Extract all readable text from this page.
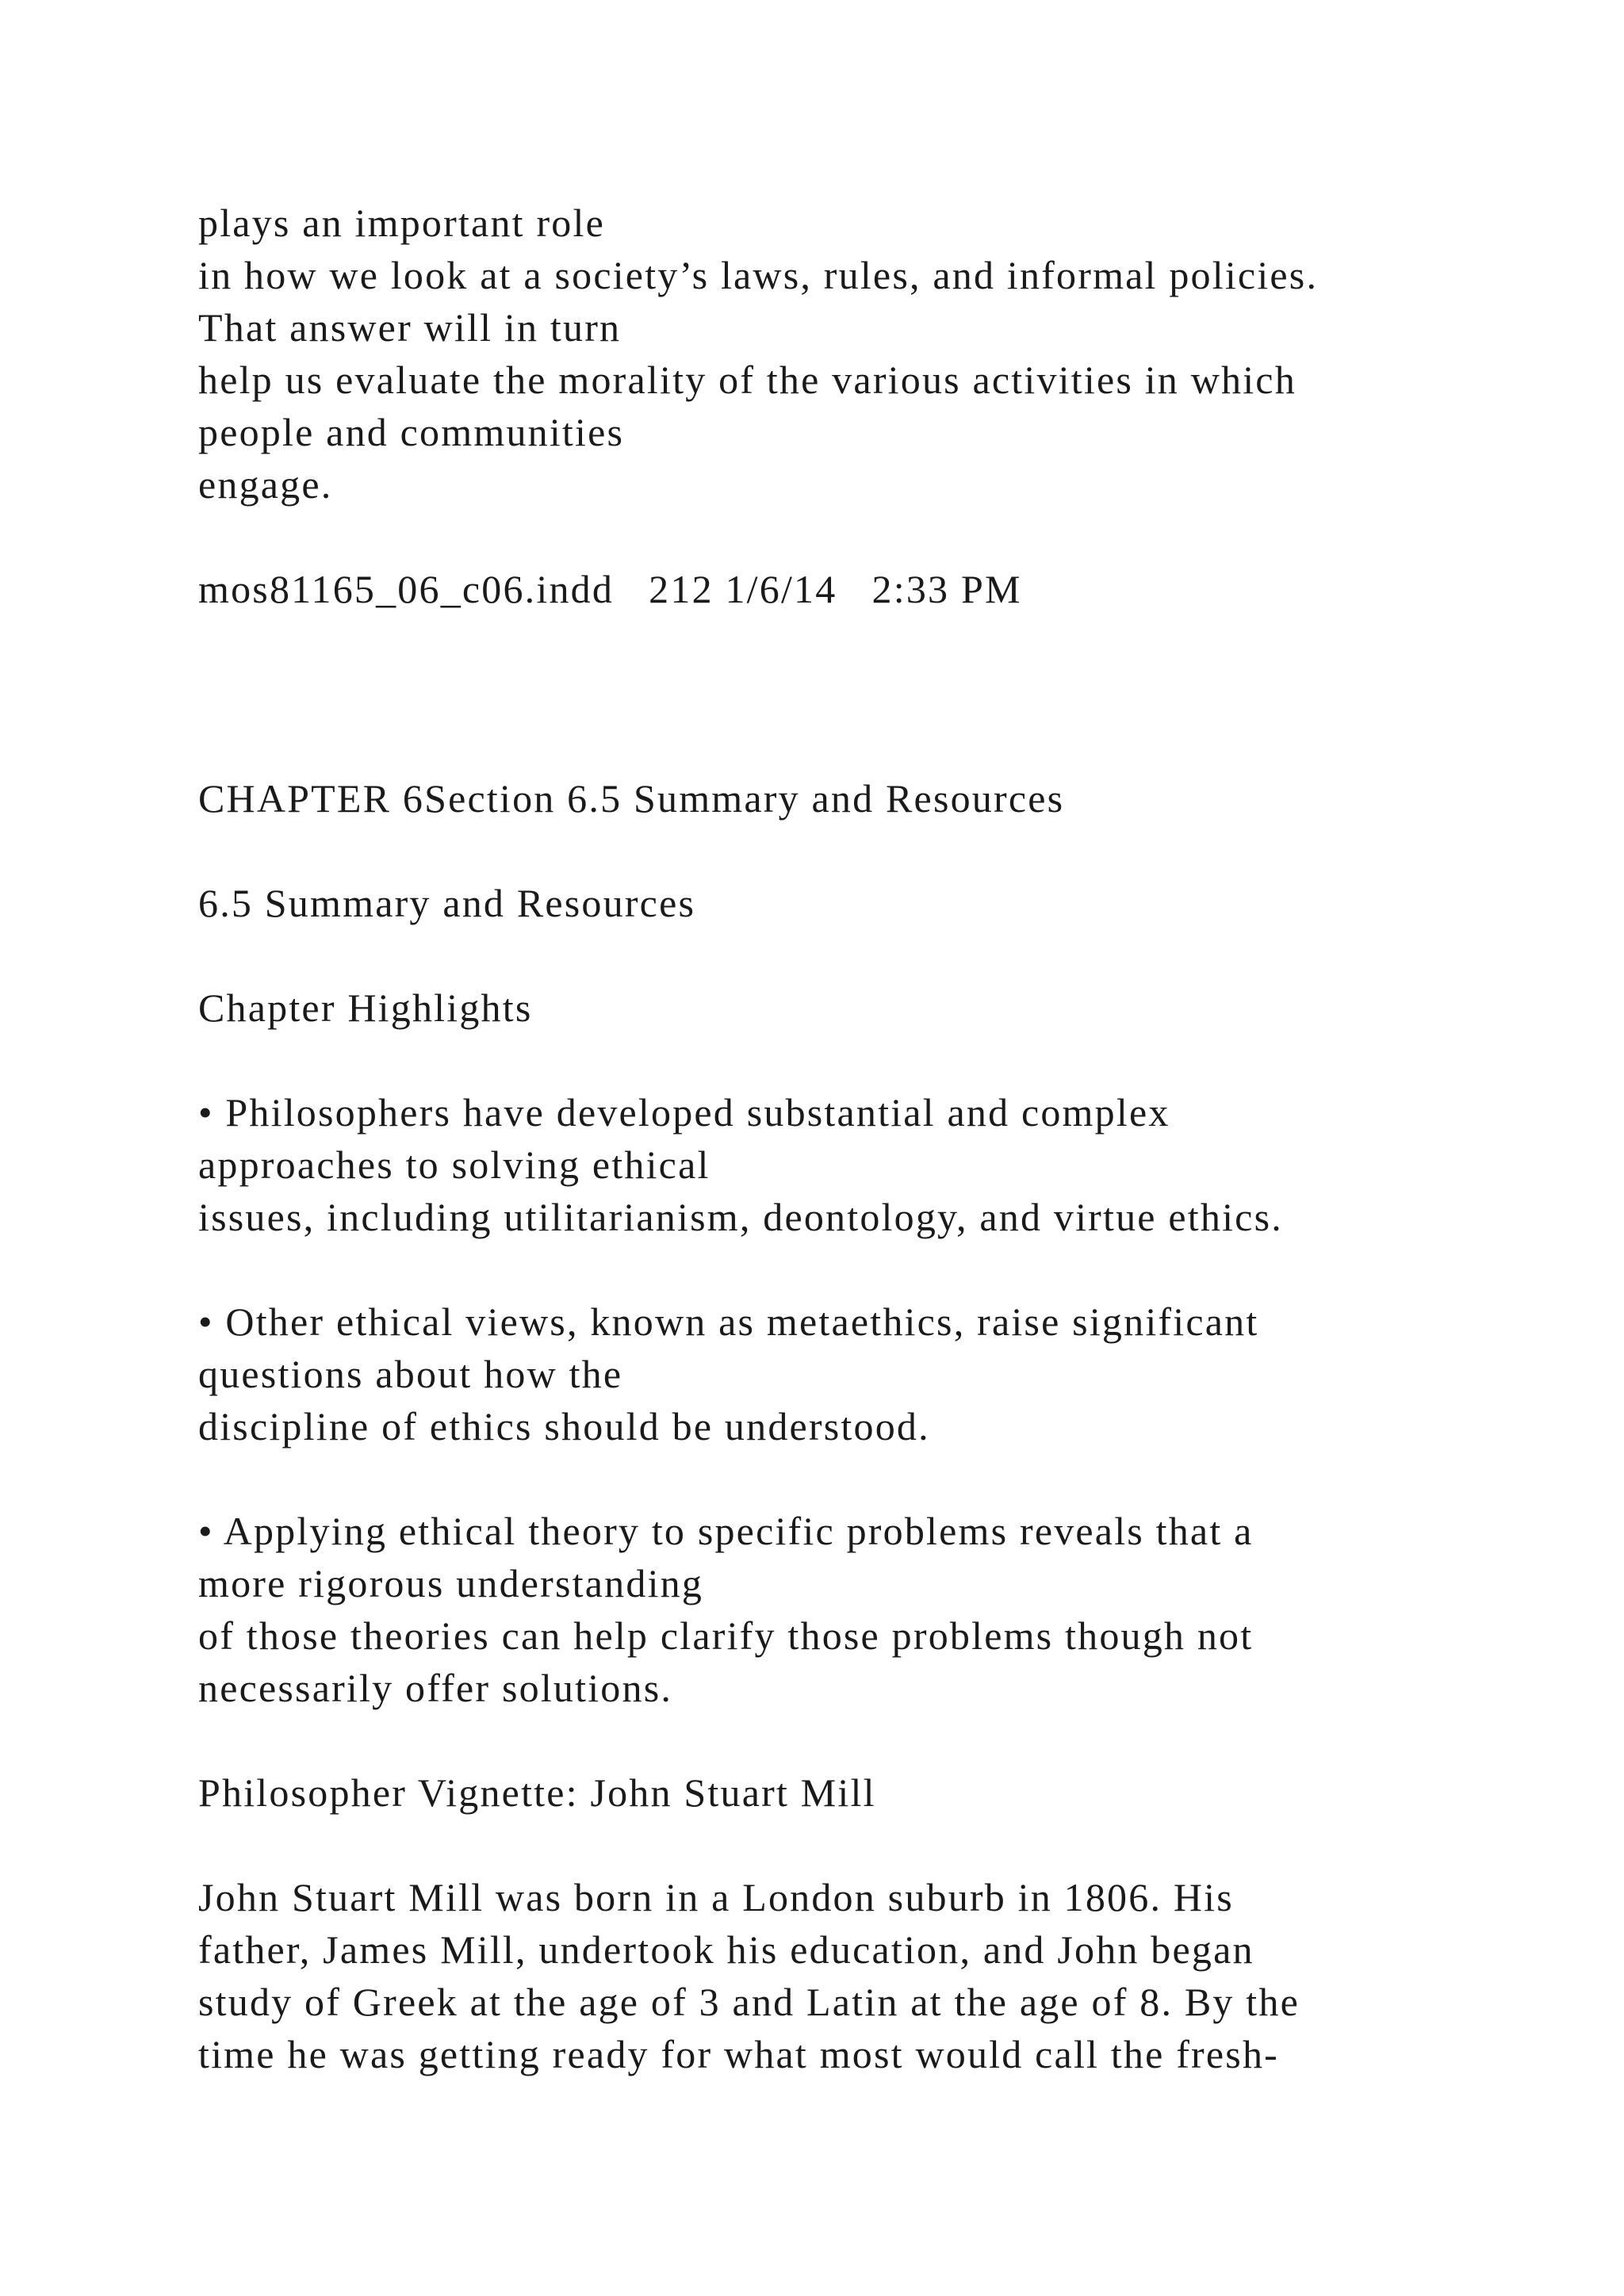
plays an important role
in how we look at a society’s laws, rules, and informal policies.
That answer will in turn
help us evaluate the morality of the various activities in which
people and communities
engage.
mos81165_06_c06.indd   212 1/6/14   2:33 PM
CHAPTER 6Section 6.5 Summary and Resources
6.5 Summary and Resources
Chapter Highlights
• Philosophers have developed substantial and complex
approaches to solving ethical
issues, including utilitarianism, deontology, and virtue ethics.
• Other ethical views, known as metaethics, raise significant
questions about how the
discipline of ethics should be understood.
• Applying ethical theory to specific problems reveals that a
more rigorous understanding
of those theories can help clarify those problems though not
necessarily offer solutions.
Philosopher Vignette: John Stuart Mill
John Stuart Mill was born in a London suburb in 1806. His
father, James Mill, undertook his education, and John began
study of Greek at the age of 3 and Latin at the age of 8. By the
time he was getting ready for what most would call the fresh-
